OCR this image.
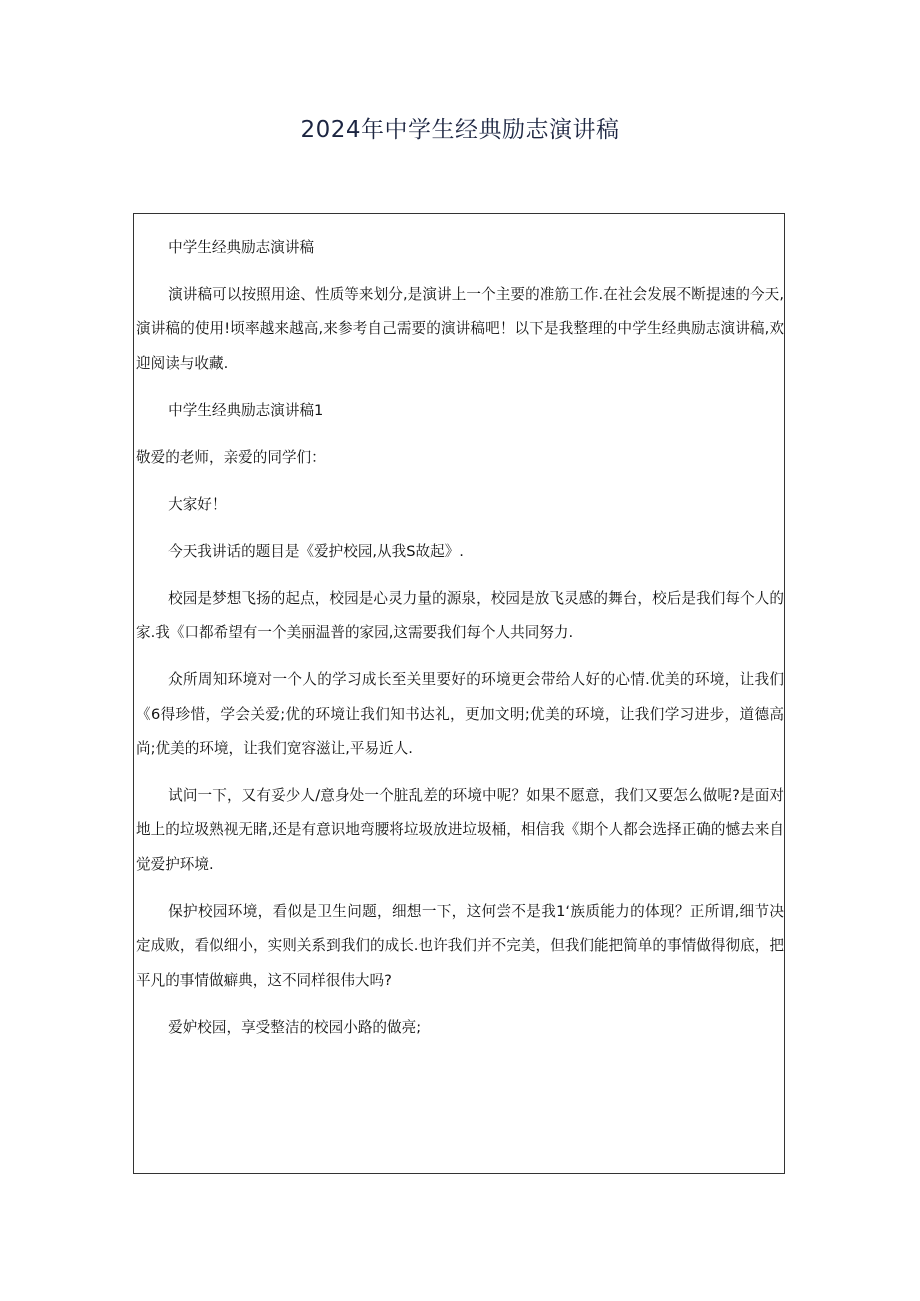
2024年中学生经典励志演讲稿

中学生经典励志演讲稿

演讲稿可以按照用途、性质等来划分,是演讲上一个主要的准筋工作.在社会发展不断提速的今天,演讲稿的使用!顷率越来越高,来参考自己需要的演讲稿吧！以下是我整理的中学生经典励志演讲稿,欢迎阅读与收藏.

中学生经典励志演讲稿1

敬爱的老师，亲爱的同学们：

大家好！

今天我讲话的题目是《爱护校园,从我S故起》.

校园是梦想飞扬的起点，校园是心灵力量的源泉，校园是放飞灵感的舞台，校后是我们每个人的家.我《口都希望有一个美丽温普的家园,这需要我们每个人共同努力.

众所周知环境对一个人的学习成长至关里要好的环境更会带给人好的心情.优美的环境，让我们《6得珍惜，学会关爱;优的环境让我们知书达礼，更加文明;优美的环境，让我们学习进步，道德高尚;优美的环境，让我们宽容滋让,平易近人.

试问一下，又有妥少人/意身处一个脏乱差的环境中呢？如果不愿意，我们又要怎么做呢?是面对地上的垃圾熟视无睹,还是有意识地弯腰将垃圾放进垃圾桶，相信我《期个人都会选择正确的憾去来自觉爱护环境.

保护校园环境，看似是卫生问题，细想一下，这何尝不是我1‘族质能力的体现？正所谓,细节决定成败，看似细小，实则关系到我们的成长.也许我们并不完美，但我们能把简单的事情做得彻底，把平凡的事情做癖典，这不同样很伟大吗?

爱妒校园，享受整洁的校园小路的做亮;
